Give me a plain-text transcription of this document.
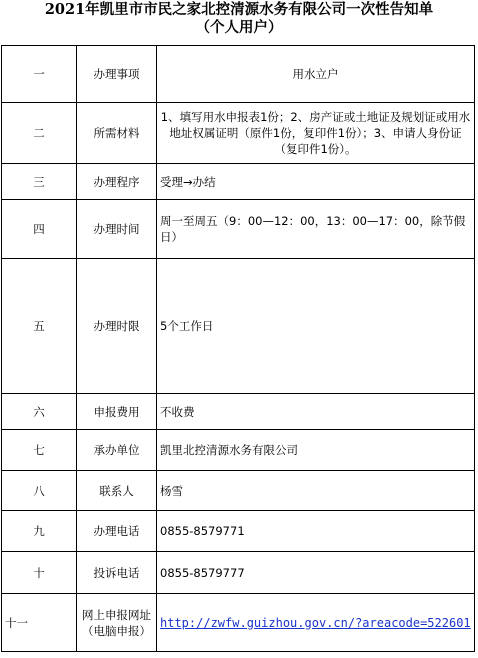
2021年凯里市市民之家北控清源水务有限公司一次性告知单
（个人用户）
一	办理事项	用水立户
二	所需材料	1、填写用水申报表1份；2、房产证或土地证及规划证或用水地址权属证明（原件1份，复印件1份）；3、申请人身份证（复印件1份）。
三	办理程序	受理→办结
四	办理时间	周一至周五（9：00—12：00，13：00—17：00，除节假日）
五	办理时限	5个工作日
六	申报费用	不收费
七	承办单位	凯里北控清源水务有限公司
八	联系人	杨雪
九	办理电话	0855-8579771
十	投诉电话	0855-8579777
十一	网上申报网址（电脑申报）	http://zwfw.guizhou.gov.cn/?areacode=522601
